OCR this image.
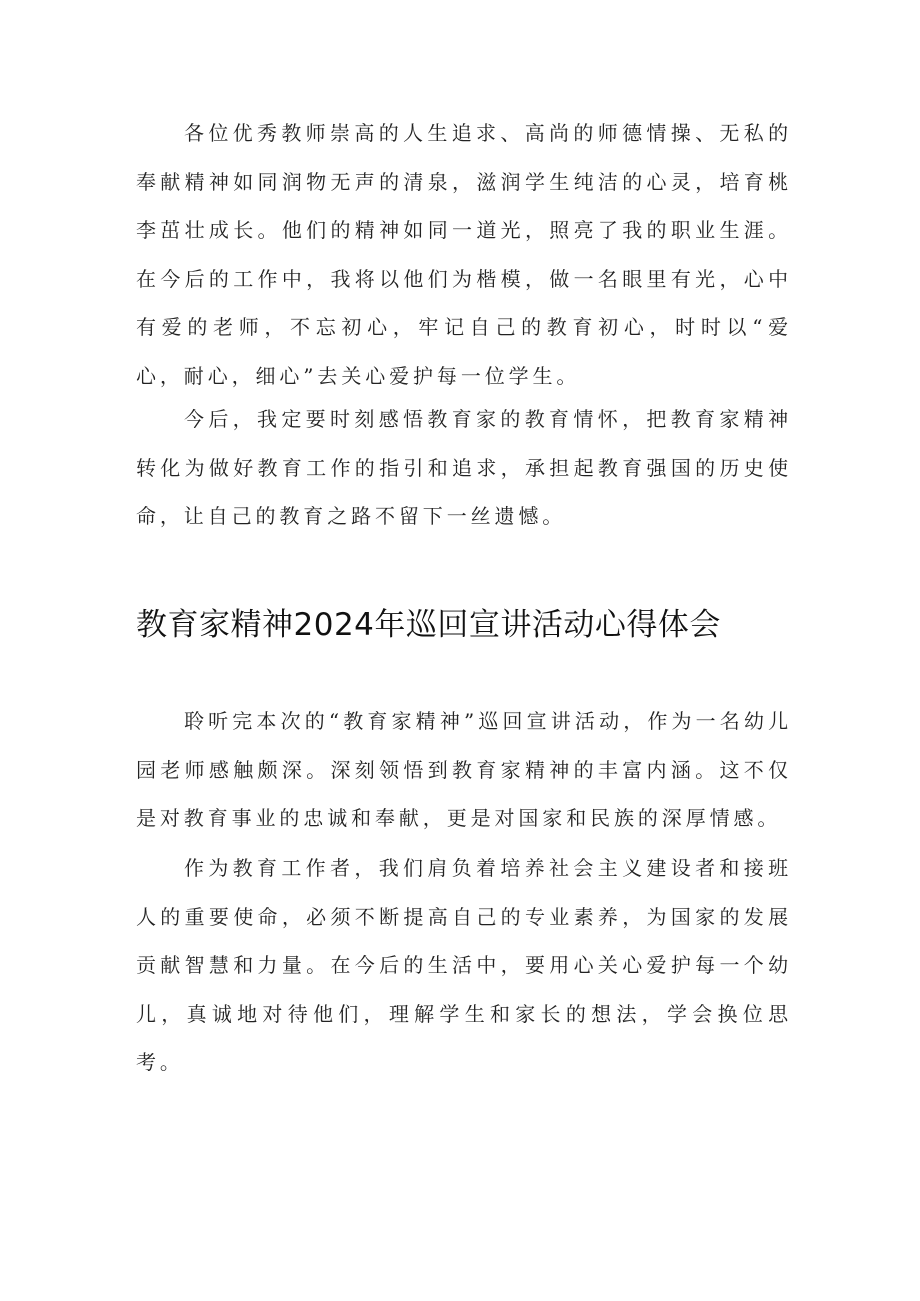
各位优秀教师崇高的人生追求、高尚的师德情操、无私的奉献精神如同润物无声的清泉，滋润学生纯洁的心灵，培育桃李茁壮成长。他们的精神如同一道光，照亮了我的职业生涯。在今后的工作中，我将以他们为楷模，做一名眼里有光，心中有爱的老师，不忘初心，牢记自己的教育初心，时时以“爱心，耐心，细心”去关心爱护每一位学生。

今后，我定要时刻感悟教育家的教育情怀，把教育家精神转化为做好教育工作的指引和追求，承担起教育强国的历史使命，让自己的教育之路不留下一丝遗憾。

教育家精神2024年巡回宣讲活动心得体会

聆听完本次的“教育家精神”巡回宣讲活动，作为一名幼儿园老师感触颇深。深刻领悟到教育家精神的丰富内涵。这不仅是对教育事业的忠诚和奉献，更是对国家和民族的深厚情感。

作为教育工作者，我们肩负着培养社会主义建设者和接班人的重要使命，必须不断提高自己的专业素养，为国家的发展贡献智慧和力量。在今后的生活中，要用心关心爱护每一个幼儿，真诚地对待他们，理解学生和家长的想法，学会换位思考。
